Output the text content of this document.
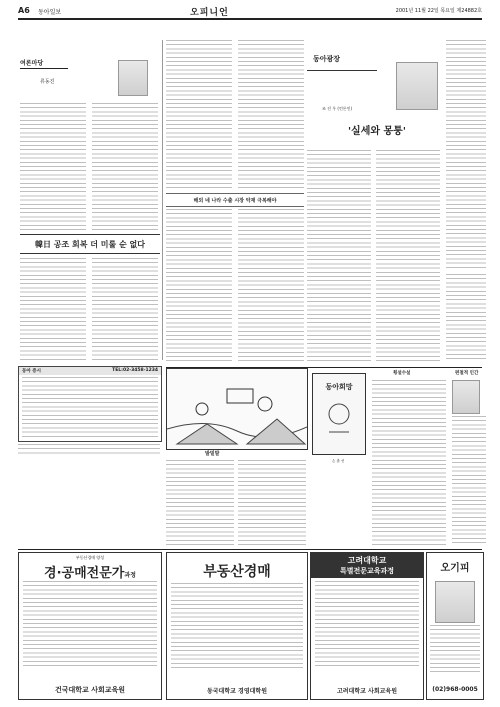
A6 동아일보	오피니언	2001년 11월 22일 목요일 제24882호
여론마당
류동진
韓日 공조 회복 더 미룰 순 없다
해외 네 나라 수출 시장 악재 극복해야
동아광장
조 진 우 (언론인)
'실세와 몽퉁'
동아희망
손 춘 선
발밑말
횡설수설	편철적 인간
동아 증시	TEL:02-3458-1234
부동산경매 양성
경·공매전문가과정
건국대학교 사회교육원
부동산경매
동국대학교 경영대학원
고려대학교
특별전문교육과정
고려대학교 사회교육원
오기피
(02)968-0005
